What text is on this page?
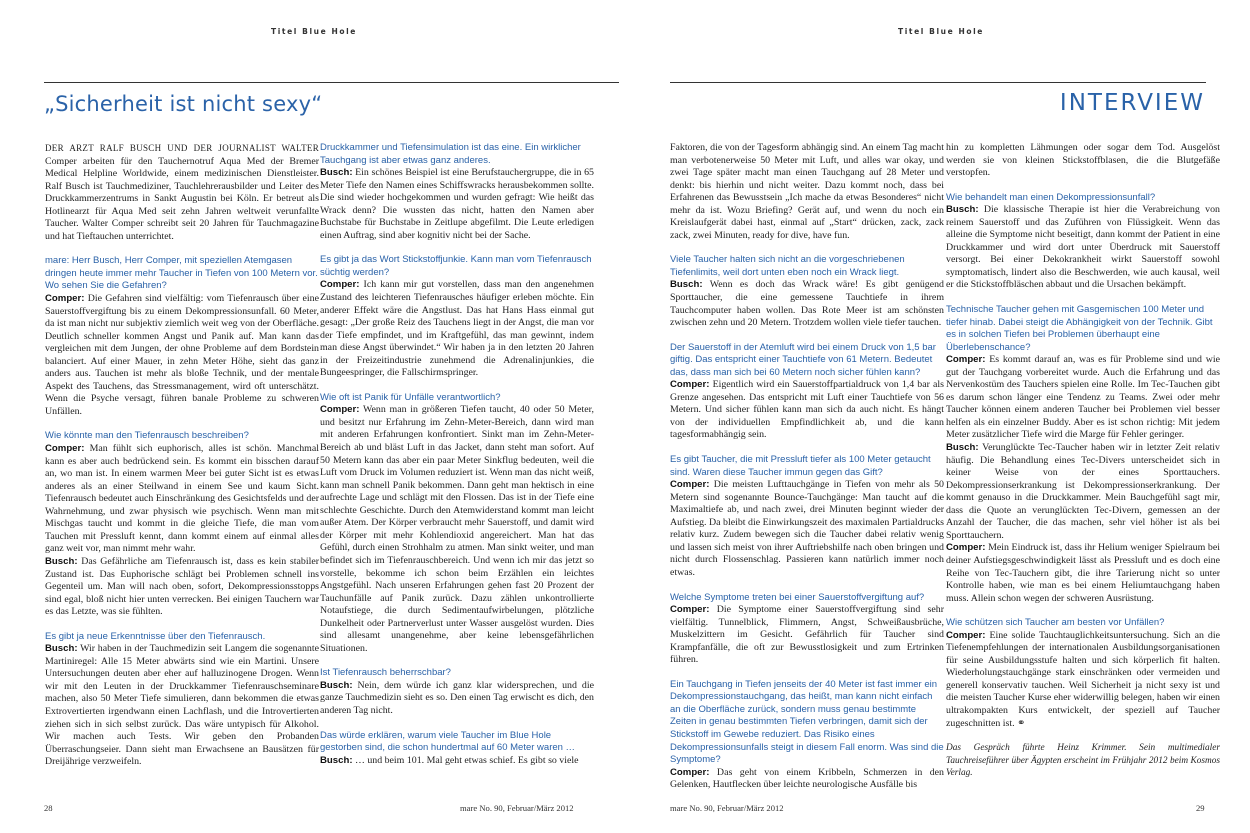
Titel Blue Hole	Titel Blue Hole
„Sicherheit ist nicht sexy“	INTERVIEW

DER ARZT RALF BUSCH UND DER JOURNALIST WALTER Comper arbeiten für den Tauchernotruf Aqua Med der Bremer Medical Helpline Worldwide, einem medizinischen Dienstleister. Ralf Busch ist Tauchmediziner, Tauchlehrerausbilder und Leiter des Druckkammerzentrums in Sankt Augustin bei Köln. Er betreut als Hotlinearzt für Aqua Med seit zehn Jahren weltweit verunfallte Taucher. Walter Comper schreibt seit 20 Jahren für Tauchmagazine und hat Tieftauchen unterrichtet.

mare: Herr Busch, Herr Comper, mit speziellen Atemgasen dringen heute immer mehr Taucher in Tiefen von 100 Metern vor. Wo sehen Sie die Gefahren?

Comper: Die Gefahren sind vielfältig: vom Tiefenrausch über eine Sauerstoffvergiftung bis zu einem Dekompressionsunfall. 60 Meter, da ist man nicht nur subjektiv ziemlich weit weg von der Oberfläche. Deutlich schneller kommen Angst und Panik auf. Man kann das vergleichen mit dem Jungen, der ohne Probleme auf dem Bordstein balanciert. Auf einer Mauer, in zehn Meter Höhe, sieht das ganz anders aus. Tauchen ist mehr als bloße Technik, und der mentale Aspekt des Tauchens, das Stressmanagement, wird oft unterschätzt. Wenn die Psyche versagt, führen banale Probleme zu schweren Unfällen.

Wie könnte man den Tiefenrausch beschreiben?

Comper: Man fühlt sich euphorisch, alles ist schön. Manchmal kann es aber auch bedrückend sein. Es kommt ein bisschen darauf an, wo man ist. In einem warmen Meer bei guter Sicht ist es etwas anderes als an einer Steilwand in einem See und kaum Sicht. Tiefenrausch bedeutet auch Einschränkung des Gesichtsfelds und der Wahrnehmung, und zwar physisch wie psychisch. Wenn man mit Mischgas taucht und kommt in die gleiche Tiefe, die man vom Tauchen mit Pressluft kennt, dann kommt einem auf einmal alles ganz weit vor, man nimmt mehr wahr.

Busch: Das Gefährliche am Tiefenrausch ist, dass es kein stabiler Zustand ist. Das Euphorische schlägt bei Problemen schnell ins Gegenteil um. Man will nach oben, sofort, Dekompressionsstopps sind egal, bloß nicht hier unten verrecken. Bei einigen Tauchern war es das Letzte, was sie fühlten.

Es gibt ja neue Erkenntnisse über den Tiefenrausch.

Busch: Wir haben in der Tauchmedizin seit Langem die sogenannte Martiniregel: Alle 15 Meter abwärts sind wie ein Martini. Unsere Untersuchungen deuten aber eher auf halluzinogene Drogen. Wenn wir mit den Leuten in der Druckkammer Tiefenrauschseminare machen, also 50 Meter Tiefe simulieren, dann bekommen die etwas Extrovertierten irgendwann einen Lachflash, und die Introvertierten ziehen sich in sich selbst zurück. Das wäre untypisch für Alkohol. Wir machen auch Tests. Wir geben den Probanden Überraschungseier. Dann sieht man Erwachsene an Bausätzen für Dreijährige verzweifeln.

Druckkammer und Tiefensimulation ist das eine. Ein wirklicher Tauchgang ist aber etwas ganz anderes.

Busch: Ein schönes Beispiel ist eine Berufstauchergruppe, die in 65 Meter Tiefe den Namen eines Schiffswracks herausbekommen sollte. Die sind wieder hochgekommen und wurden gefragt: Wie heißt das Wrack denn? Die wussten das nicht, hatten den Namen aber Buchstabe für Buchstabe in Zeitlupe abgefilmt. Die Leute erledigen einen Auftrag, sind aber kognitiv nicht bei der Sache.

Es gibt ja das Wort Stickstoffjunkie. Kann man vom Tiefenrausch süchtig werden?

Comper: Ich kann mir gut vorstellen, dass man den angenehmen Zustand des leichteren Tiefenrausches häufiger erleben möchte. Ein anderer Effekt wäre die Angstlust. Das hat Hans Hass einmal gut gesagt: „Der große Reiz des Tauchens liegt in der Angst, die man vor der Tiefe empfindet, und im Kraftgefühl, das man gewinnt, indem man diese Angst überwindet.“ Wir haben ja in den letzten 20 Jahren in der Freizeitindustrie zunehmend die Adrenalinjunkies, die Bungeespringer, die Fallschirmspringer.

Wie oft ist Panik für Unfälle verantwortlich?

Comper: Wenn man in größeren Tiefen taucht, 40 oder 50 Meter, und besitzt nur Erfahrung im Zehn-Meter-Bereich, dann wird man mit anderen Erfahrungen konfrontiert. Sinkt man im Zehn-Meter-Bereich ab und bläst Luft in das Jacket, dann steht man sofort. Auf 50 Metern kann das aber ein paar Meter Sinkflug bedeuten, weil die Luft vom Druck im Volumen reduziert ist. Wenn man das nicht weiß, kann man schnell Panik bekommen. Dann geht man hektisch in eine aufrechte Lage und schlägt mit den Flossen. Das ist in der Tiefe eine schlechte Geschichte. Durch den Atemwiderstand kommt man leicht außer Atem. Der Körper verbraucht mehr Sauerstoff, und damit wird der Körper mit mehr Kohlendioxid angereichert. Man hat das Gefühl, durch einen Strohhalm zu atmen. Man sinkt weiter, und man befindet sich im Tiefenrauschbereich. Und wenn ich mir das jetzt so vorstelle, bekomme ich schon beim Erzählen ein leichtes Angstgefühl. Nach unseren Erfahrungen gehen fast 20 Prozent der Tauchunfälle auf Panik zurück. Dazu zählen unkontrollierte Notaufstiege, die durch Sedimentaufwirbelungen, plötzliche Dunkelheit oder Partnerverlust unter Wasser ausgelöst wurden. Dies sind allesamt unangenehme, aber keine lebensgefährlichen Situationen.

Ist Tiefenrausch beherrschbar?

Busch: Nein, dem würde ich ganz klar widersprechen, und die ganze Tauchmedizin sieht es so. Den einen Tag erwischt es dich, den anderen Tag nicht.

Das würde erklären, warum viele Taucher im Blue Hole gestorben sind, die schon hundertmal auf 60 Meter waren …

Busch: … und beim 101. Mal geht etwas schief. Es gibt so viele

Faktoren, die von der Tagesform abhängig sind. An einem Tag macht man verbotenerweise 50 Meter mit Luft, und alles war okay, und zwei Tage später macht man einen Tauchgang auf 28 Meter und denkt: bis hierhin und nicht weiter. Dazu kommt noch, dass bei Erfahrenen das Bewusstsein „Ich mache da etwas Besonderes“ nicht mehr da ist. Wozu Briefing? Gerät auf, und wenn du noch ein Kreislaufgerät dabei hast, einmal auf „Start“ drücken, zack, zack zack, zwei Minuten, ready for dive, have fun.

Viele Taucher halten sich nicht an die vorgeschriebenen Tiefenlimits, weil dort unten eben noch ein Wrack liegt.

Busch: Wenn es doch das Wrack wäre! Es gibt genügend Sporttaucher, die eine gemessene Tauchtiefe in ihrem Tauchcomputer haben wollen. Das Rote Meer ist am schönsten zwischen zehn und 20 Metern. Trotzdem wollen viele tiefer tauchen.

Der Sauerstoff in der Atemluft wird bei einem Druck von 1,5 bar giftig. Das entspricht einer Tauchtiefe von 61 Metern. Bedeutet das, dass man sich bei 60 Metern noch sicher fühlen kann?

Comper: Eigentlich wird ein Sauerstoffpartialdruck von 1,4 bar als Grenze angesehen. Das entspricht mit Luft einer Tauchtiefe von 56 Metern. Und sicher fühlen kann man sich da auch nicht. Es hängt von der individuellen Empfindlichkeit ab, und die kann tagesformabhängig sein.

Es gibt Taucher, die mit Pressluft tiefer als 100 Meter getaucht sind. Waren diese Taucher immun gegen das Gift?

Comper: Die meisten Lufttauchgänge in Tiefen von mehr als 50 Metern sind sogenannte Bounce-Tauchgänge: Man taucht auf die Maximaltiefe ab, und nach zwei, drei Minuten beginnt wieder der Aufstieg. Da bleibt die Einwirkungszeit des maximalen Partialdrucks relativ kurz. Zudem bewegen sich die Taucher dabei relativ wenig und lassen sich meist von ihrer Auftriebshilfe nach oben bringen und nicht durch Flossenschlag. Passieren kann natürlich immer noch etwas.

Welche Symptome treten bei einer Sauerstoffvergiftung auf?

Comper: Die Symptome einer Sauerstoffvergiftung sind sehr vielfältig. Tunnelblick, Flimmern, Angst, Schweißausbrüche, Muskelzittern im Gesicht. Gefährlich für Taucher sind Krampfanfälle, die oft zur Bewusstlosigkeit und zum Ertrinken führen.

Ein Tauchgang in Tiefen jenseits der 40 Meter ist fast immer ein Dekompressionstauchgang, das heißt, man kann nicht einfach an die Oberfläche zurück, sondern muss genau bestimmte Zeiten in genau bestimmten Tiefen verbringen, damit sich der Stickstoff im Gewebe reduziert. Das Risiko eines Dekompressionsunfalls steigt in diesem Fall enorm. Was sind die Symptome?

Comper: Das geht von einem Kribbeln, Schmerzen in den Gelenken, Hautflecken über leichte neurologische Ausfälle bis

hin zu kompletten Lähmungen oder sogar dem Tod. Ausgelöst werden sie von kleinen Stickstoffblasen, die die Blutgefäße verstopfen.

Wie behandelt man einen Dekompressionsunfall?

Busch: Die klassische Therapie ist hier die Verabreichung von reinem Sauerstoff und das Zuführen von Flüssigkeit. Wenn das alleine die Symptome nicht beseitigt, dann kommt der Patient in eine Druckkammer und wird dort unter Überdruck mit Sauerstoff versorgt. Bei einer Dekokrankheit wirkt Sauerstoff sowohl symptomatisch, lindert also die Beschwerden, wie auch kausal, weil er die Stickstoffbläschen abbaut und die Ursachen bekämpft.

Technische Taucher gehen mit Gasgemischen 100 Meter und tiefer hinab. Dabei steigt die Abhängigkeit von der Technik. Gibt es in solchen Tiefen bei Problemen überhaupt eine Überlebenschance?

Comper: Es kommt darauf an, was es für Probleme sind und wie gut der Tauchgang vorbereitet wurde. Auch die Erfahrung und das Nervenkostüm des Tauchers spielen eine Rolle. Im Tec-Tauchen gibt es darum schon länger eine Tendenz zu Teams. Zwei oder mehr Taucher können einem anderen Taucher bei Problemen viel besser helfen als ein einzelner Buddy. Aber es ist schon richtig: Mit jedem Meter zusätzlicher Tiefe wird die Marge für Fehler geringer.

Busch: Verunglückte Tec-Taucher haben wir in letzter Zeit relativ häufig. Die Behandlung eines Tec-Divers unterscheidet sich in keiner Weise von der eines Sporttauchers. Dekompressionserkrankung ist Dekompressionserkrankung. Der kommt genauso in die Druckkammer. Mein Bauchgefühl sagt mir, dass die Quote an verunglückten Tec-Divern, gemessen an der Anzahl der Taucher, die das machen, sehr viel höher ist als bei Sporttauchern.

Comper: Mein Eindruck ist, dass ihr Helium weniger Spielraum bei deiner Aufstiegsgeschwindigkeit lässt als Pressluft und es doch eine Reihe von Tec-Tauchern gibt, die ihre Tarierung nicht so unter Kontrolle haben, wie man es bei einem Heliumtauchgang haben muss. Allein schon wegen der schweren Ausrüstung.

Wie schützen sich Taucher am besten vor Unfällen?

Comper: Eine solide Tauchtauglichkeitsuntersuchung. Sich an die Tiefenempfehlungen der internationalen Ausbildungsorganisationen für seine Ausbildungsstufe halten und sich körperlich fit halten. Wiederholungstauchgänge stark einschränken oder vermeiden und generell konservativ tauchen. Weil Sicherheit ja nicht sexy ist und die meisten Taucher Kurse eher widerwillig belegen, haben wir einen ultrakompakten Kurs entwickelt, der speziell auf Taucher zugeschnitten ist. ⚭

Das Gespräch führte Heinz Krimmer. Sein multimedialer Tauchreiseführer über Ägypten erscheint im Frühjahr 2012 beim Kosmos Verlag.

28	mare No. 90, Februar/März 2012	mare No. 90, Februar/März 2012	29
